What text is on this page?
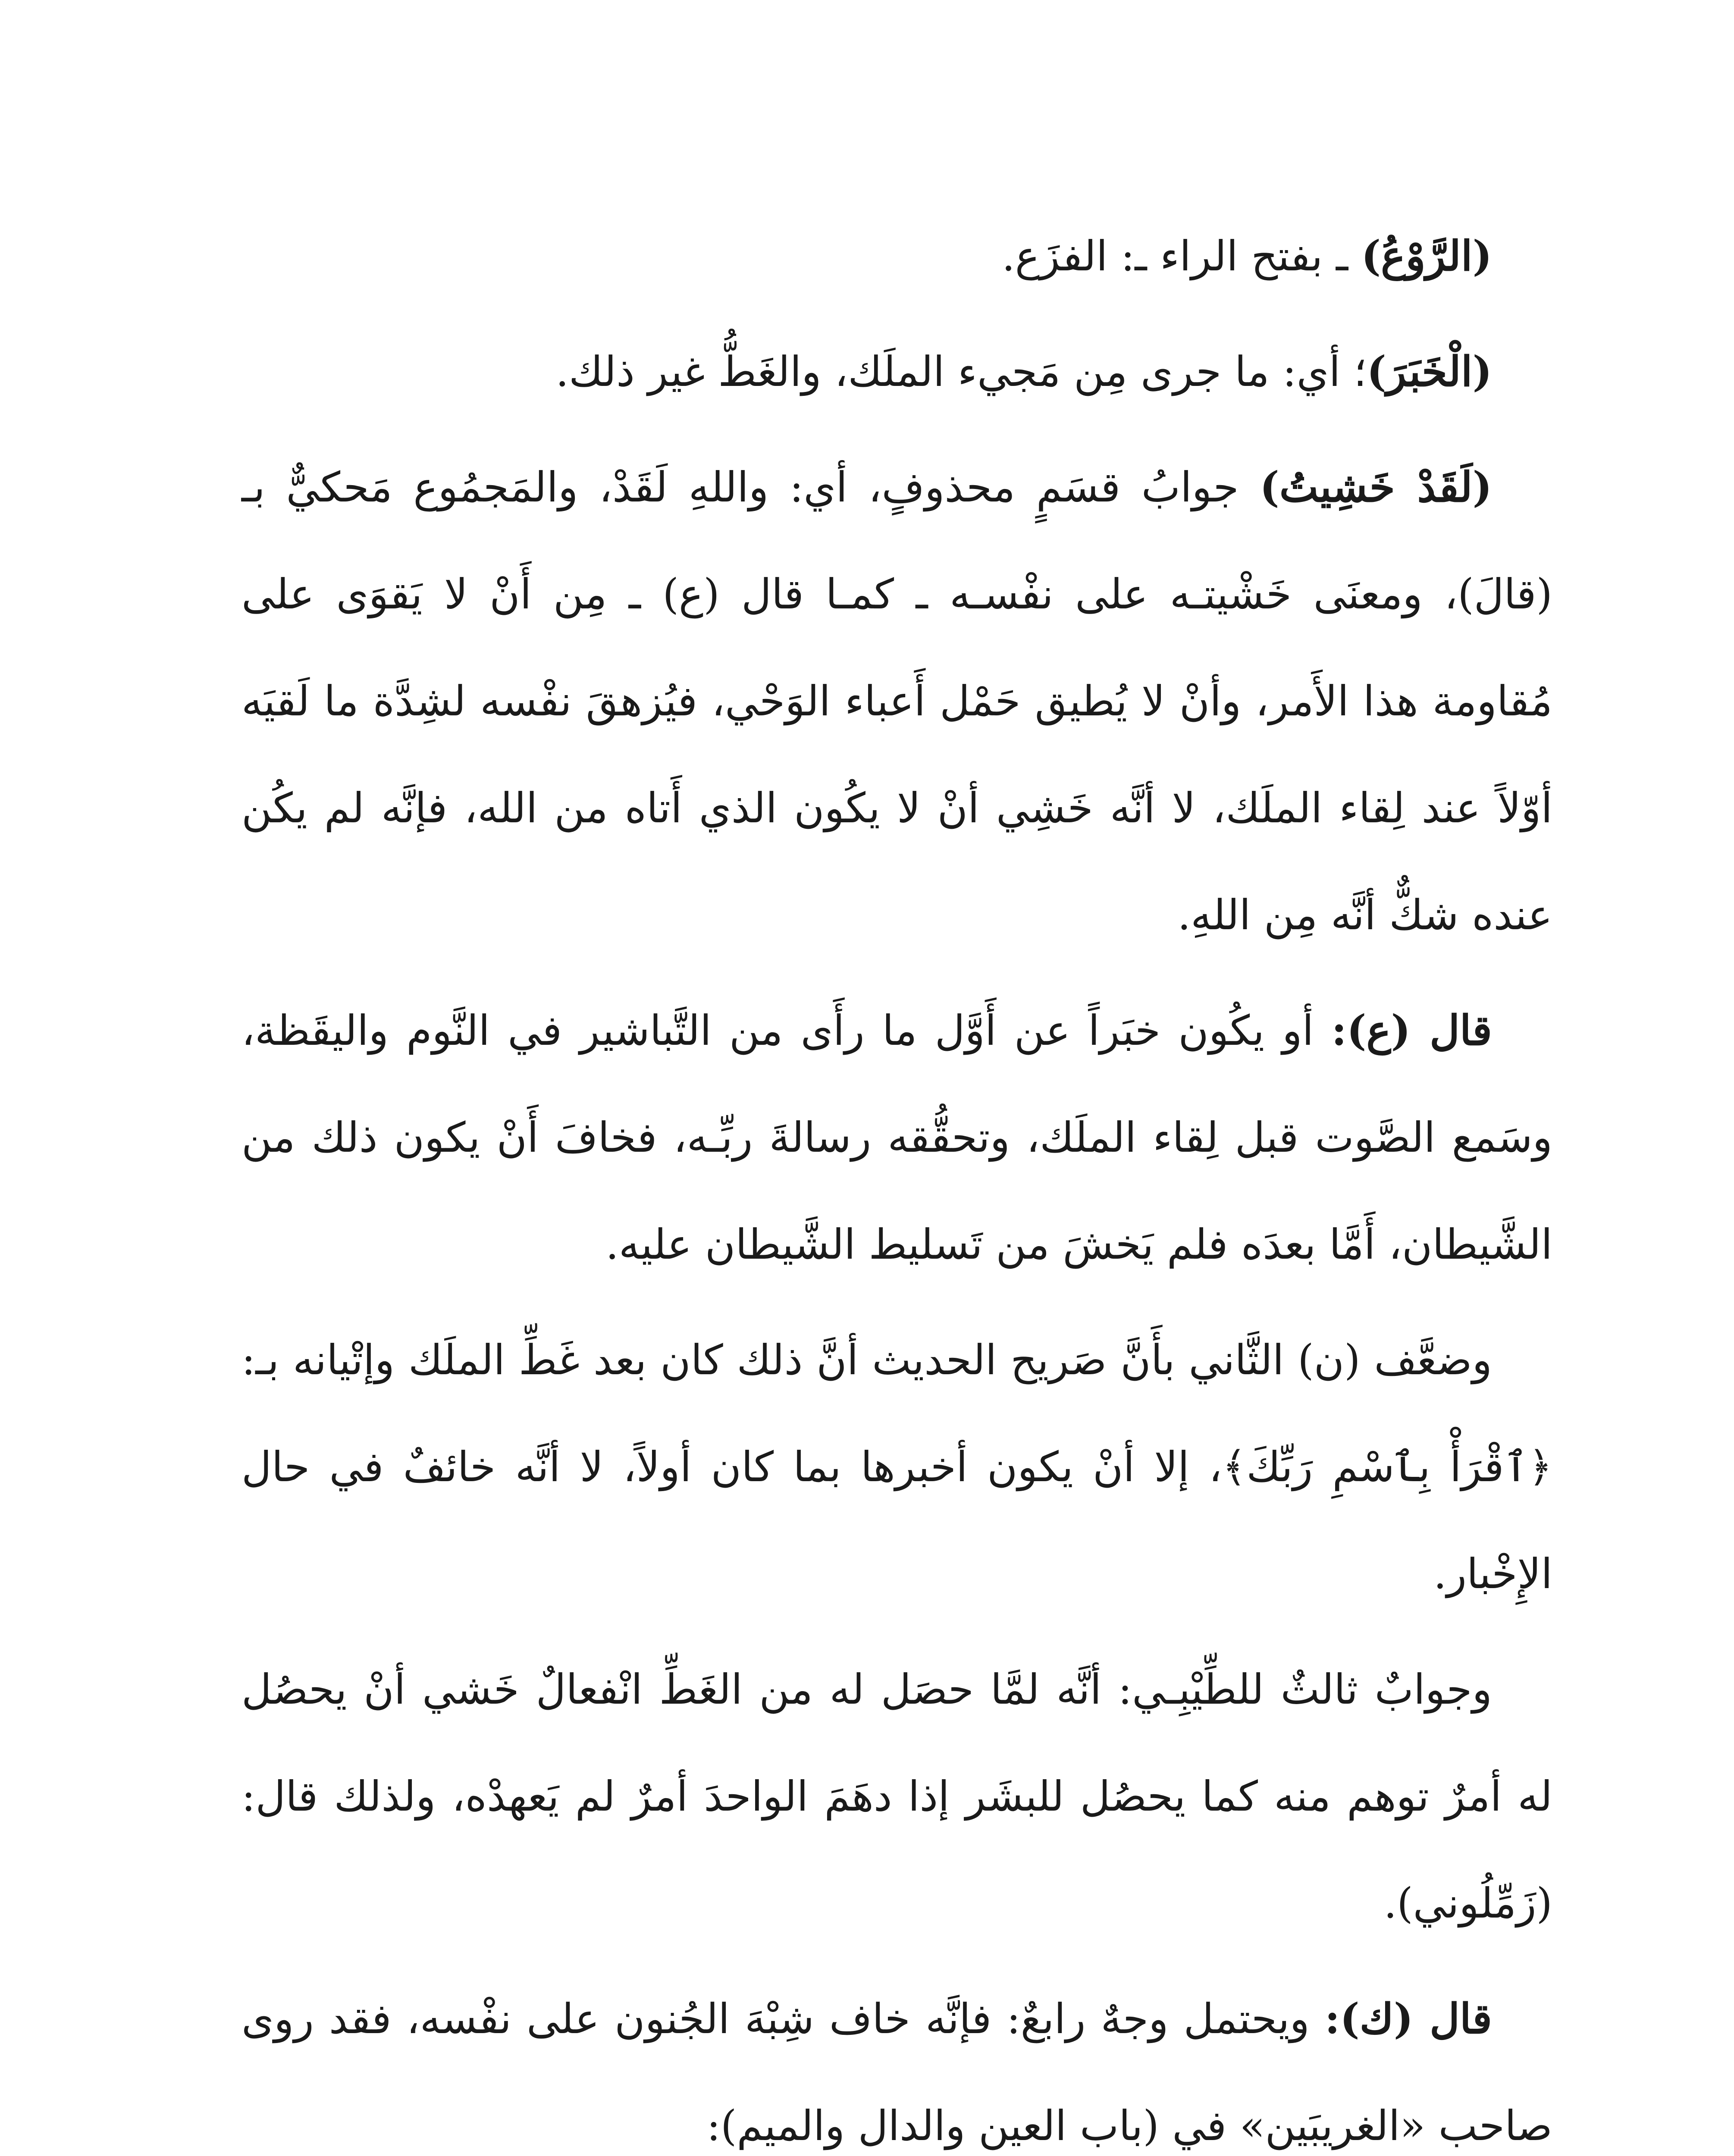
(الرَّوْعُ) ـ بفتح الراء ـ: الفزَع.

(الْخَبَرَ)؛ أي: ما جرى مِن مَجيء الملَك، والغَطُّ غير ذلك.

(لَقَدْ خَشِيتُ) جوابُ قسَمٍ محذوفٍ، أي: واللهِ لَقَدْ، والمَجمُوع مَحكيٌّ بـ (قالَ)، ومعنَى خَشْيتـه على نفْسـه ـ كمـا قال (ع) ـ مِن أَنْ لا يَقوَى على مُقاومة هذا الأَمر، وأنْ لا يُطيق حَمْل أَعباء الوَحْي، فيُزهقَ نفْسه لشِدَّة ما لَقيَه أوّلاً عند لِقاء الملَك، لا أنَّه خَشِي أنْ لا يكُون الذي أَتاه من الله، فإنَّه لم يكُن عنده شكٌّ أنَّه مِن اللهِ.

قال (ع): أو يكُون خبَراً عن أَوَّل ما رأَى من التَّباشير في النَّوم واليقَظة، وسَمع الصَّوت قبل لِقاء الملَك، وتحقُّقه رسالةَ ربِّـه، فخافَ أَنْ يكون ذلك من الشَّيطان، أَمَّا بعدَه فلم يَخشَ من تَسليط الشَّيطان عليه.

وضعَّف (ن) الثَّاني بأَنَّ صَريح الحديث أنَّ ذلك كان بعد غَطِّ الملَك وإتْيانه بـ: ﴿ٱقْرَأْ بِٱسْمِ رَبِّكَ﴾، إلا أنْ يكون أخبرها بما كان أولاً، لا أنَّه خائفٌ في حال الإِخْبار.

وجوابٌ ثالثٌ للطِّيْبِـي: أنَّه لمَّا حصَل له من الغَطِّ انْفعالٌ خَشي أنْ يحصُل له أمرٌ توهم منه كما يحصُل للبشَر إذا دهَمَ الواحدَ أمرٌ لم يَعهدْه، ولذلك قال: (زَمِّلُوني).

قال (ك): ويحتمل وجهٌ رابعٌ: فإنَّه خاف شِبْهَ الجُنون على نفْسه، فقد روى صاحب «الغريبَين» في (باب العين والدال والميم):
